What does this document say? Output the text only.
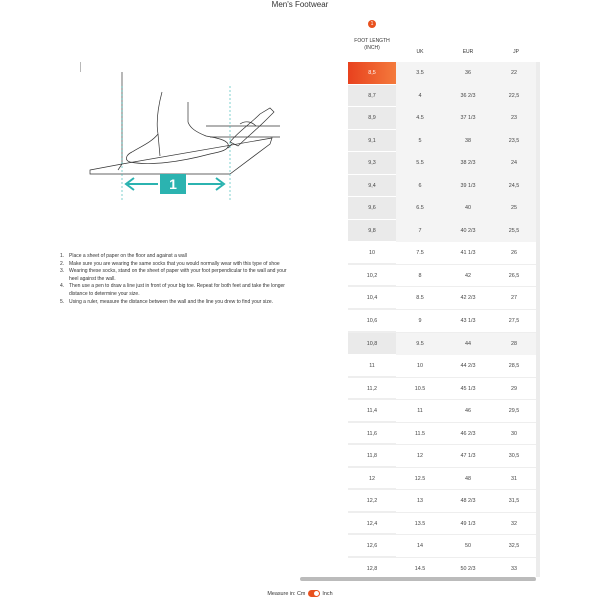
Men's Footwear
1
1. Place a sheet of paper on the floor and against a wall
2. Make sure you are wearing the same socks that you would normally wear with this type of shoe
3. Wearing these socks, stand on the sheet of paper with your foot perpendicular to the wall and your heel against the wall.
4. Then use a pen to draw a line just in front of your big toe. Repeat for both feet and take the longer distance to determine your size.
5. Using a ruler, measure the distance between the wall and the line you drew to find your size.
1
FOOT LENGTH
(INCH)
UK	EUR	JP
8,5	3.5	36	22
8,7	4	36 2/3	22,5
8,9	4.5	37 1/3	23
9,1	5	38	23,5
9,3	5.5	38 2/3	24
9,4	6	39 1/3	24,5
9,6	6.5	40	25
9,8	7	40 2/3	25,5
10	7.5	41 1/3	26
10,2	8	42	26,5
10,4	8.5	42 2/3	27
10,6	9	43 1/3	27,5
10,8	9.5	44	28
11	10	44 2/3	28,5
11,2	10.5	45 1/3	29
11,4	11	46	29,5
11,6	11.5	46 2/3	30
11,8	12	47 1/3	30,5
12	12.5	48	31
12,2	13	48 2/3	31,5
12,4	13.5	49 1/3	32
12,6	14	50	32,5
12,8	14.5	50 2/3	33
Measure in: Cm	Inch
